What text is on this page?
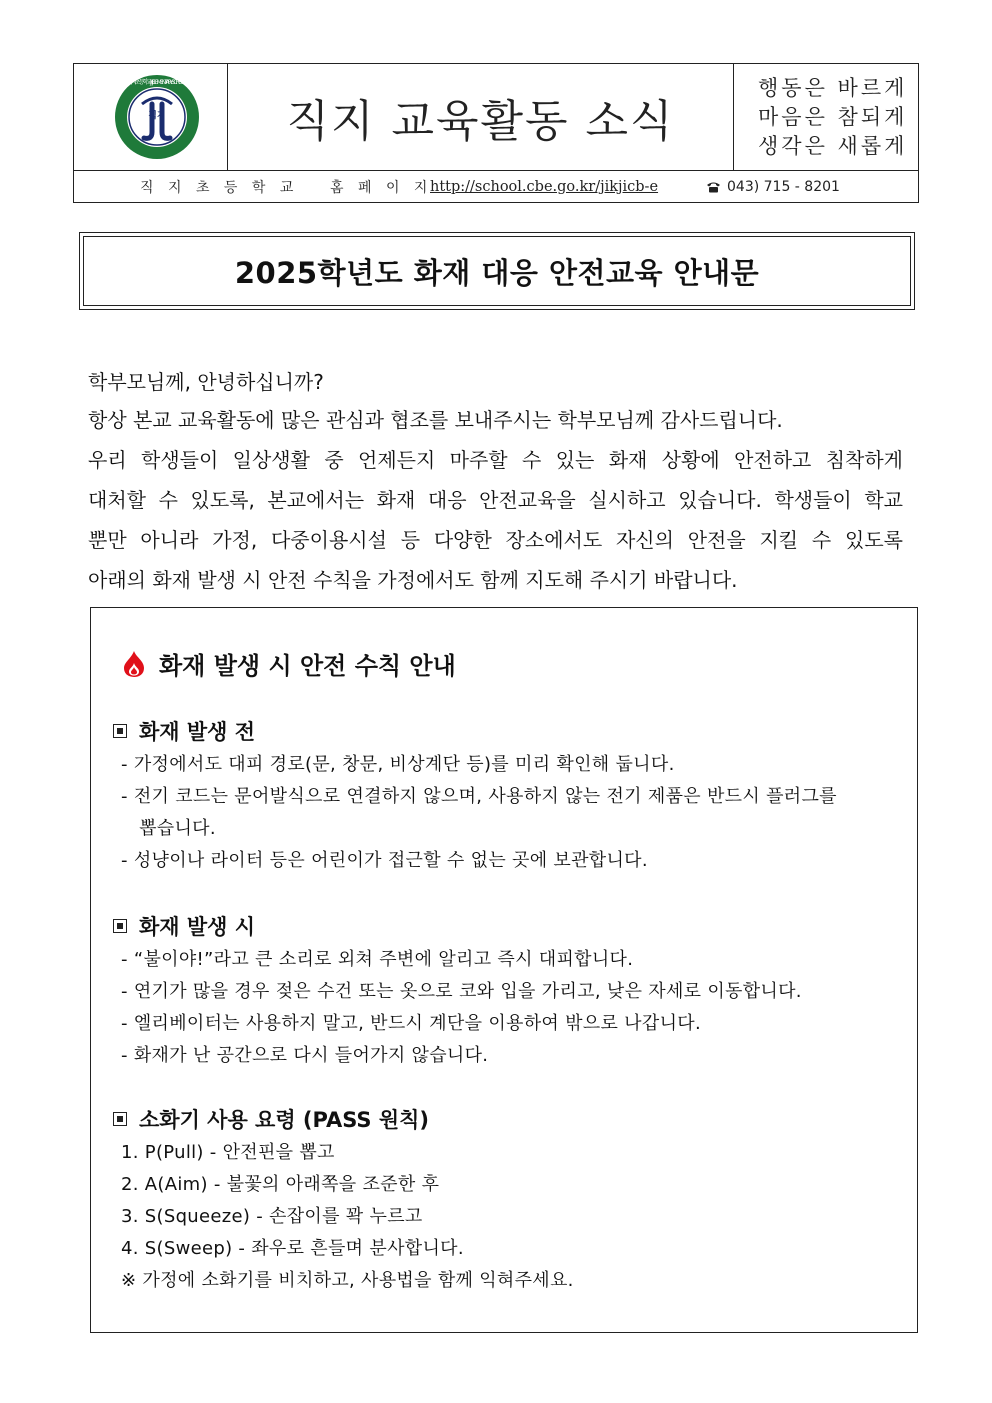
직지
직지초등학교 JIKJI ELEMENTARY SCHOOL
직지 교육활동 소식
행동은 바르게
마음은 참되게
생각은 새롭게
직 지 초 등 학 교 홈 페 이 지
http://school.cbe.go.kr/jikjicb-e	043) 715 - 8201
2025학년도 화재 대응 안전교육 안내문
학부모님께, 안녕하십니까?
항상 본교 교육활동에 많은 관심과 협조를 보내주시는 학부모님께 감사드립니다.
우리 학생들이 일상생활 중 언제든지 마주할 수 있는 화재 상황에 안전하고 침착하게
대처할 수 있도록, 본교에서는 화재 대응 안전교육을 실시하고 있습니다. 학생들이 학교
뿐만 아니라 가정, 다중이용시설 등 다양한 장소에서도 자신의 안전을 지킬 수 있도록
아래의 화재 발생 시 안전 수칙을 가정에서도 함께 지도해 주시기 바랍니다.
화재 발생 시 안전 수칙 안내
화재 발생 전
- 가정에서도 대피 경로(문, 창문, 비상계단 등)를 미리 확인해 둡니다.
- 전기 코드는 문어발식으로 연결하지 않으며, 사용하지 않는 전기 제품은 반드시 플러그를
뽑습니다.
- 성냥이나 라이터 등은 어린이가 접근할 수 없는 곳에 보관합니다.
화재 발생 시
- “불이야!”라고 큰 소리로 외쳐 주변에 알리고 즉시 대피합니다.
- 연기가 많을 경우 젖은 수건 또는 옷으로 코와 입을 가리고, 낮은 자세로 이동합니다.
- 엘리베이터는 사용하지 말고, 반드시 계단을 이용하여 밖으로 나갑니다.
- 화재가 난 공간으로 다시 들어가지 않습니다.
소화기 사용 요령 (PASS 원칙)
1. P(Pull) - 안전핀을 뽑고
2. A(Aim) - 불꽃의 아래쪽을 조준한 후
3. S(Squeeze) - 손잡이를 꽉 누르고
4. S(Sweep) - 좌우로 흔들며 분사합니다.
※ 가정에 소화기를 비치하고, 사용법을 함께 익혀주세요.
